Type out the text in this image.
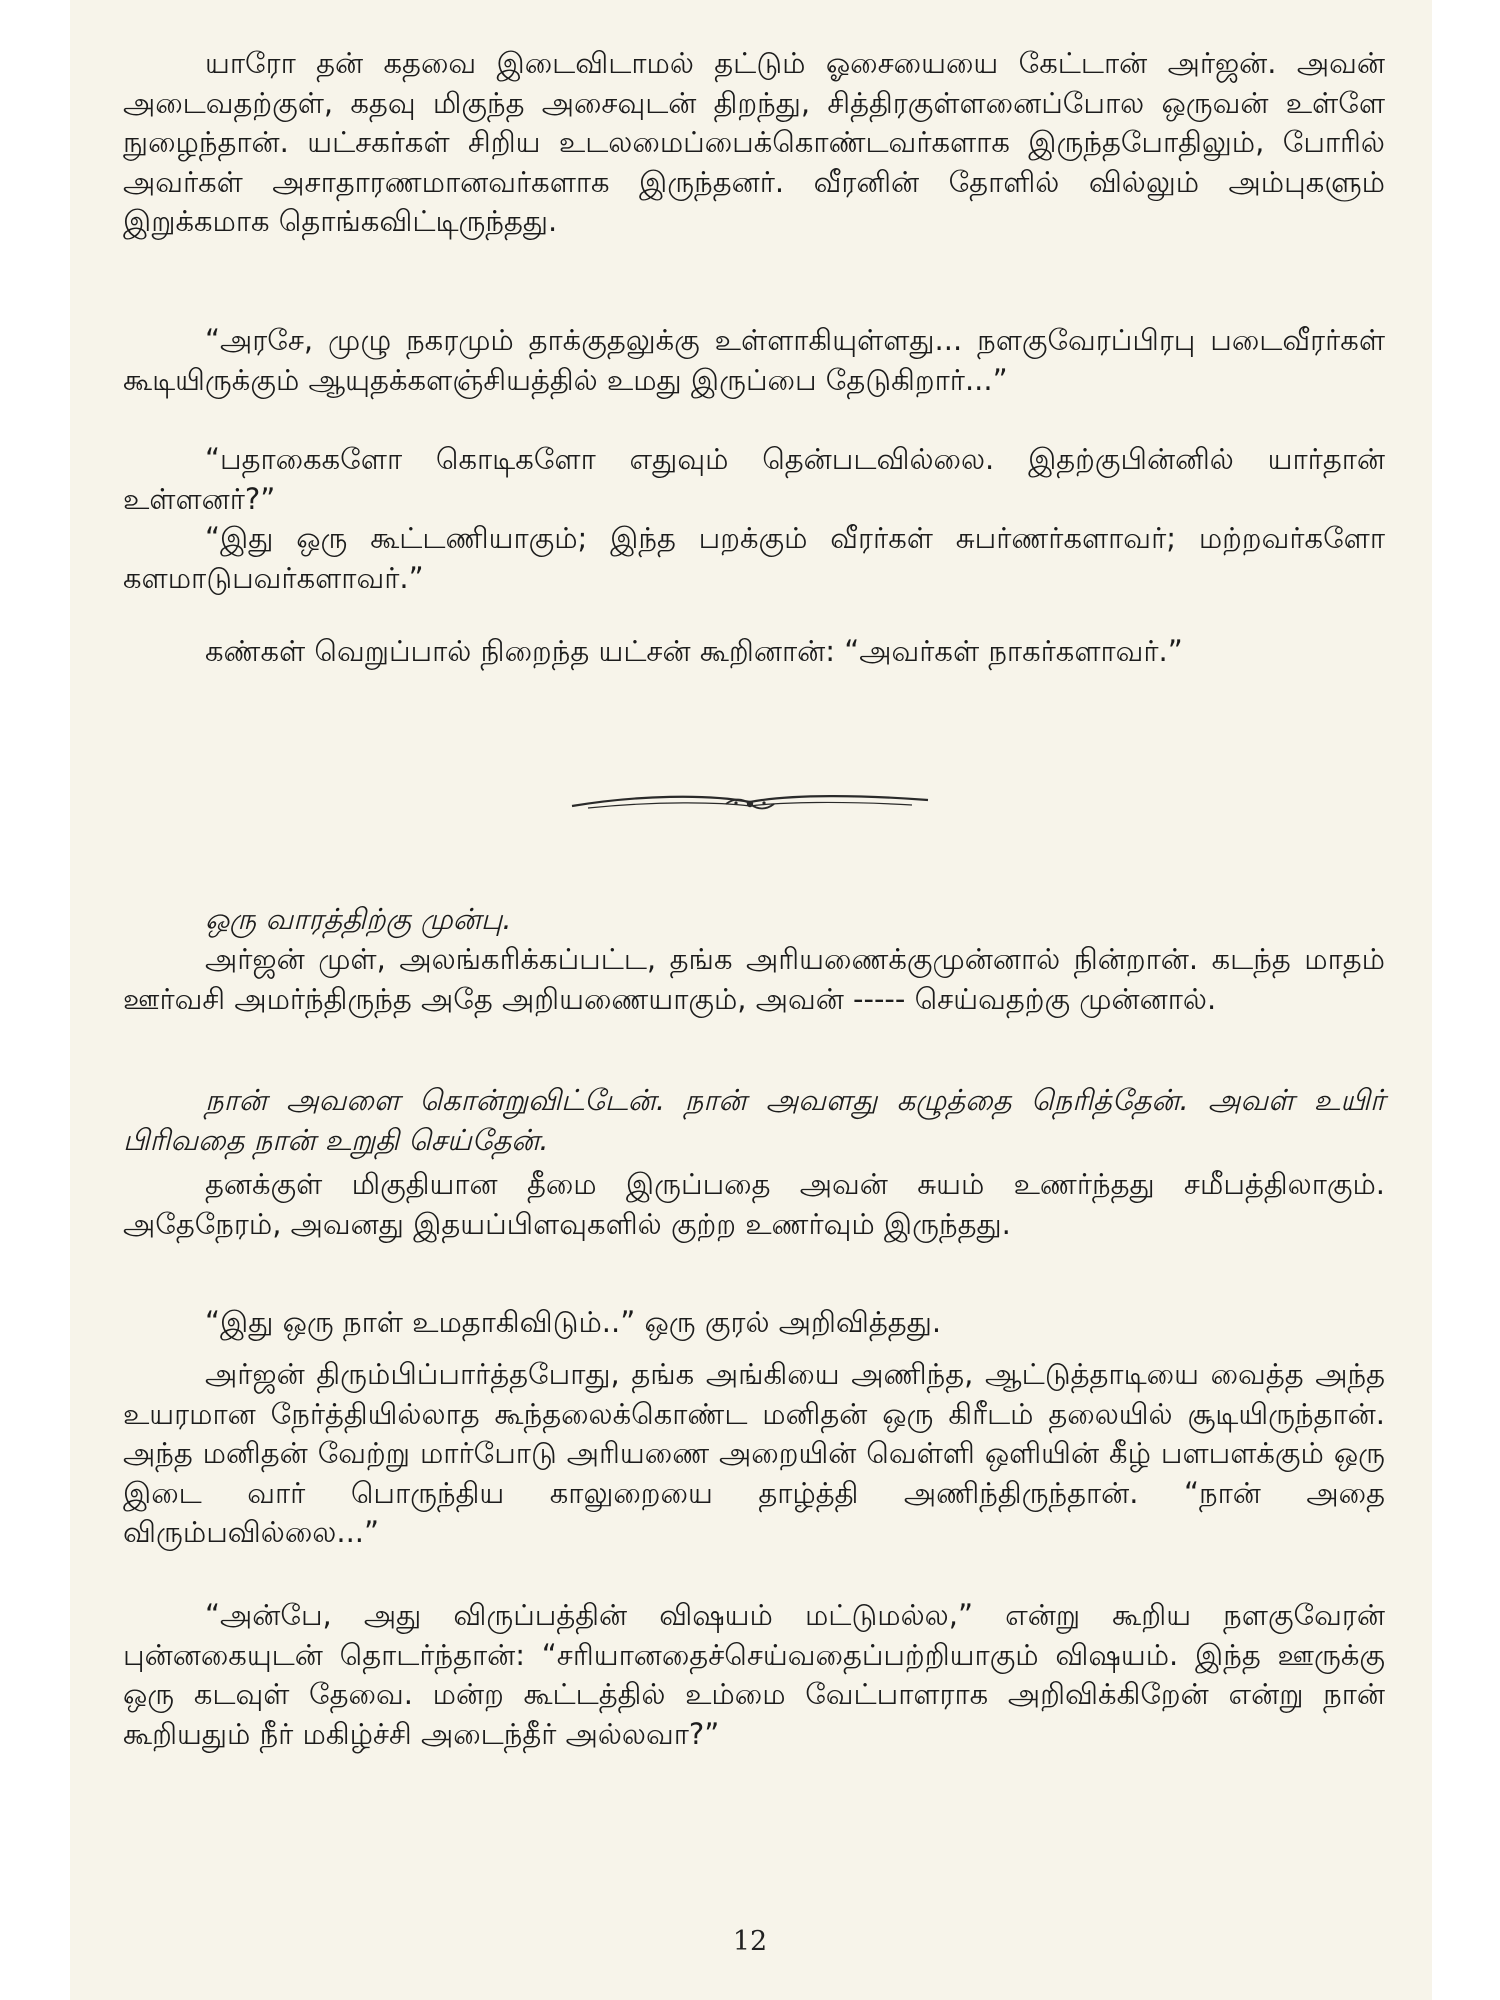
யாரோ தன் கதவை இடைவிடாமல் தட்டும் ஓசையையை கேட்டான் அர்ஜன். அவன் அடைவதற்குள், கதவு மிகுந்த அசைவுடன் திறந்து, சித்திரகுள்ளனைப்போல ஒருவன் உள்ளே நுழைந்தான். யட்சகர்கள் சிறிய உடலமைப்பைக்கொண்டவர்களாக இருந்தபோதிலும், போரில் அவர்கள் அசாதாரணமானவர்களாக இருந்தனர். வீரனின் தோளில் வில்லும் அம்புகளும் இறுக்கமாக தொங்கவிட்டிருந்தது.

“அரசே, முழு நகரமும் தாக்குதலுக்கு உள்ளாகியுள்ளது... நளகுவேரப்பிரபு படைவீரர்கள் கூடியிருக்கும் ஆயுதக்களஞ்சியத்தில் உமது இருப்பை தேடுகிறார்...”

“பதாகைகளோ கொடிகளோ எதுவும் தென்படவில்லை. இதற்குபின்னில் யார்தான் உள்ளனர்?”

“இது ஒரு கூட்டணியாகும்; இந்த பறக்கும் வீரர்கள் சுபர்ணர்களாவர்; மற்றவர்களோ களமாடுபவர்களாவர்.”

கண்கள் வெறுப்பால் நிறைந்த யட்சன் கூறினான்: “அவர்கள் நாகர்களாவர்.”

ஒரு வாரத்திற்கு முன்பு.

அர்ஜன் முள், அலங்கரிக்கப்பட்ட, தங்க அரியணைக்குமுன்னால் நின்றான். கடந்த மாதம் ஊர்வசி அமர்ந்திருந்த அதே அறியணையாகும், அவன் ----- செய்வதற்கு முன்னால்.

நான் அவளை கொன்றுவிட்டேன். நான் அவளது கழுத்தை நெரித்தேன். அவள் உயிர் பிரிவதை நான் உறுதி செய்தேன்.

தனக்குள் மிகுதியான தீமை இருப்பதை அவன் சுயம் உணர்ந்தது சமீபத்திலாகும். அதேநேரம், அவனது இதயப்பிளவுகளில் குற்ற உணர்வும் இருந்தது.

“இது ஒரு நாள் உமதாகிவிடும்..” ஒரு குரல் அறிவித்தது.

அர்ஜன் திரும்பிப்பார்த்தபோது, தங்க அங்கியை அணிந்த, ஆட்டுத்தாடியை வைத்த அந்த உயரமான நேர்த்தியில்லாத கூந்தலைக்கொண்ட மனிதன் ஒரு கிரீடம் தலையில் சூடியிருந்தான். அந்த மனிதன் வேற்று மார்போடு அரியணை அறையின் வெள்ளி ஒளியின் கீழ் பளபளக்கும் ஒரு இடை வார் பொருந்திய காலுறையை தாழ்த்தி அணிந்திருந்தான். “நான் அதை விரும்பவில்லை...”

“அன்பே, அது விருப்பத்தின் விஷயம் மட்டுமல்ல,” என்று கூறிய நளகுவேரன் புன்னகையுடன் தொடர்ந்தான்: “சரியானதைச்செய்வதைப்பற்றியாகும் விஷயம். இந்த ஊருக்கு ஒரு கடவுள் தேவை. மன்ற கூட்டத்தில் உம்மை வேட்பாளராக அறிவிக்கிறேன் என்று நான் கூறியதும் நீர் மகிழ்ச்சி அடைந்தீர் அல்லவா?”

12
